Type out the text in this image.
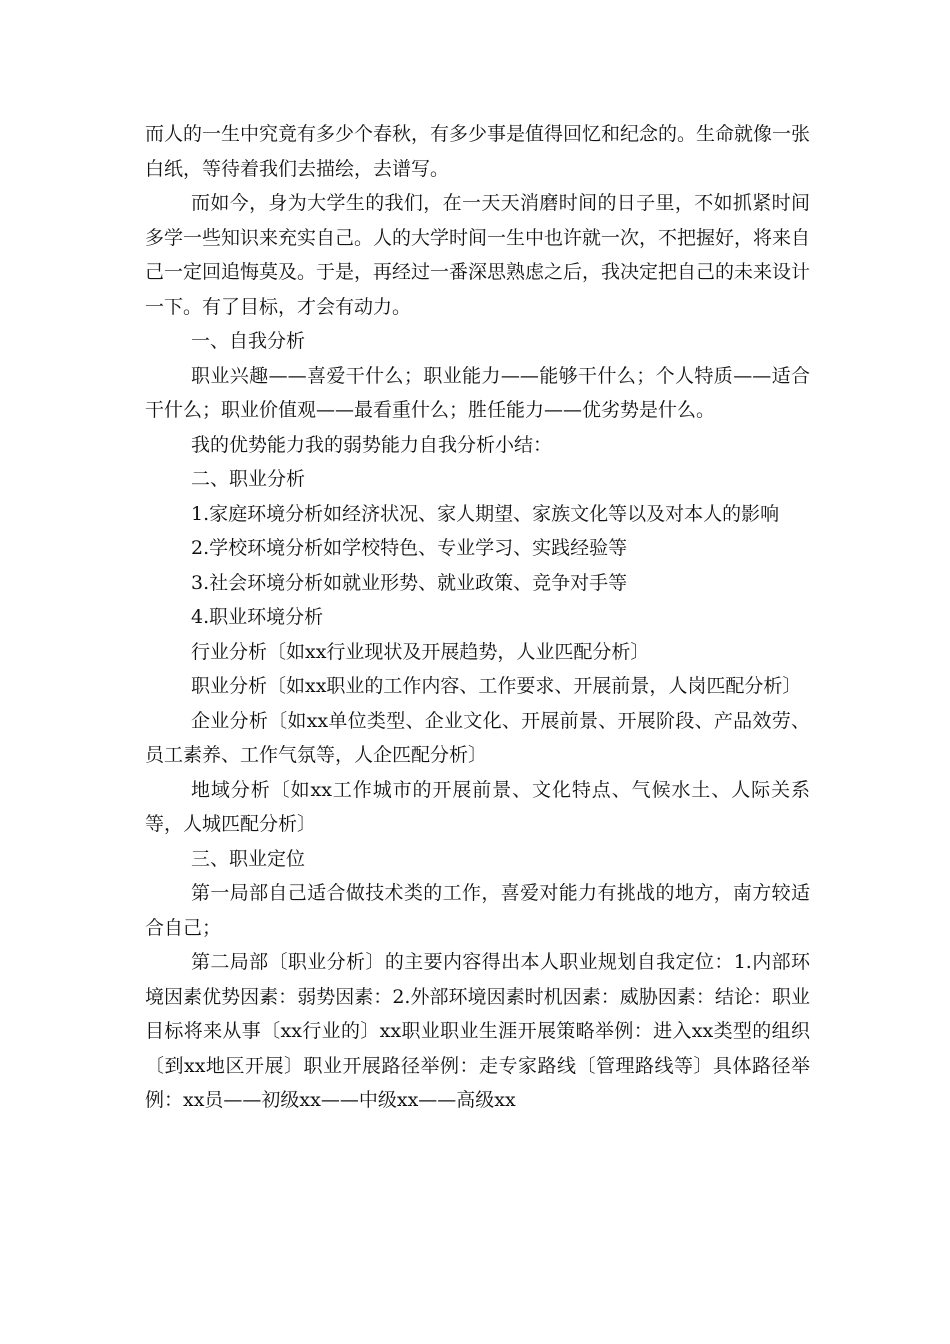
而人的一生中究竟有多少个春秋，有多少事是值得回忆和纪念的。生命就像一张白纸，等待着我们去描绘，去谱写。

而如今，身为大学生的我们，在一天天消磨时间的日子里，不如抓紧时间多学一些知识来充实自己。人的大学时间一生中也许就一次，不把握好，将来自己一定回追悔莫及。于是，再经过一番深思熟虑之后，我决定把自己的未来设计一下。有了目标，才会有动力。

一、自我分析

职业兴趣——喜爱干什么；职业能力——能够干什么；个人特质——适合干什么；职业价值观——最看重什么；胜任能力——优劣势是什么。

我的优势能力我的弱势能力自我分析小结：

二、职业分析

1.家庭环境分析如经济状况、家人期望、家族文化等以及对本人的影响

2.学校环境分析如学校特色、专业学习、实践经验等

3.社会环境分析如就业形势、就业政策、竞争对手等

4.职业环境分析

行业分析〔如xx行业现状及开展趋势，人业匹配分析〕

职业分析〔如xx职业的工作内容、工作要求、开展前景，人岗匹配分析〕

企业分析〔如xx单位类型、企业文化、开展前景、开展阶段、产品效劳、员工素养、工作气氛等，人企匹配分析〕

地域分析〔如xx工作城市的开展前景、文化特点、气候水土、人际关系等，人城匹配分析〕

三、职业定位

第一局部自己适合做技术类的工作，喜爱对能力有挑战的地方，南方较适合自己；

第二局部〔职业分析〕的主要内容得出本人职业规划自我定位：1.内部环境因素优势因素：弱势因素：2.外部环境因素时机因素：威胁因素：结论：职业目标将来从事〔xx行业的〕xx职业职业生涯开展策略举例：进入xx类型的组织〔到xx地区开展〕职业开展路径举例：走专家路线〔管理路线等〕具体路径举例：xx员——初级xx——中级xx——高级xx
